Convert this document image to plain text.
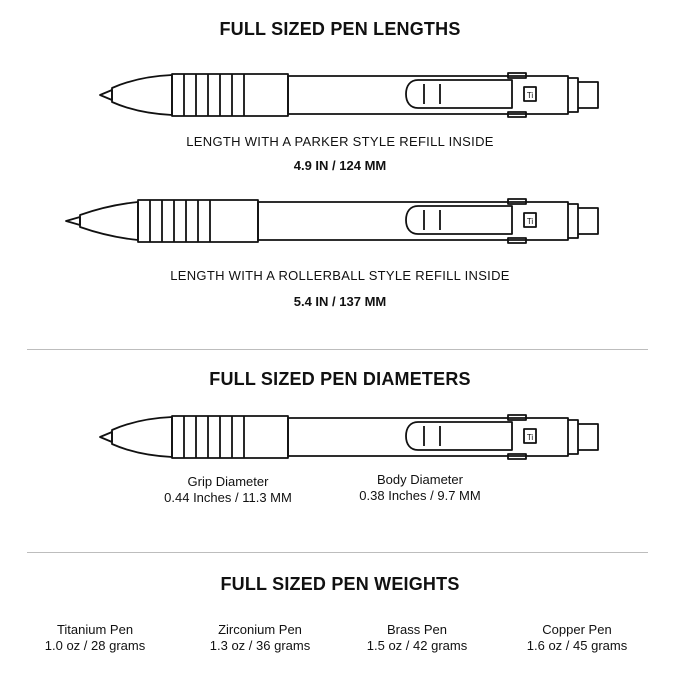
FULL SIZED PEN LENGTHS
Ti
LENGTH WITH A PARKER STYLE REFILL INSIDE
4.9 IN / 124 MM
Ti
LENGTH WITH A ROLLERBALL STYLE REFILL INSIDE
5.4 IN / 137 MM
FULL SIZED PEN DIAMETERS
Ti
Grip Diameter
0.44 Inches / 11.3 MM
Body Diameter
0.38 Inches / 9.7 MM
FULL SIZED PEN WEIGHTS
Titanium Pen
1.0 oz / 28 grams
Zirconium Pen
1.3 oz / 36 grams
Brass Pen
1.5 oz / 42 grams
Copper Pen
1.6 oz / 45 grams
